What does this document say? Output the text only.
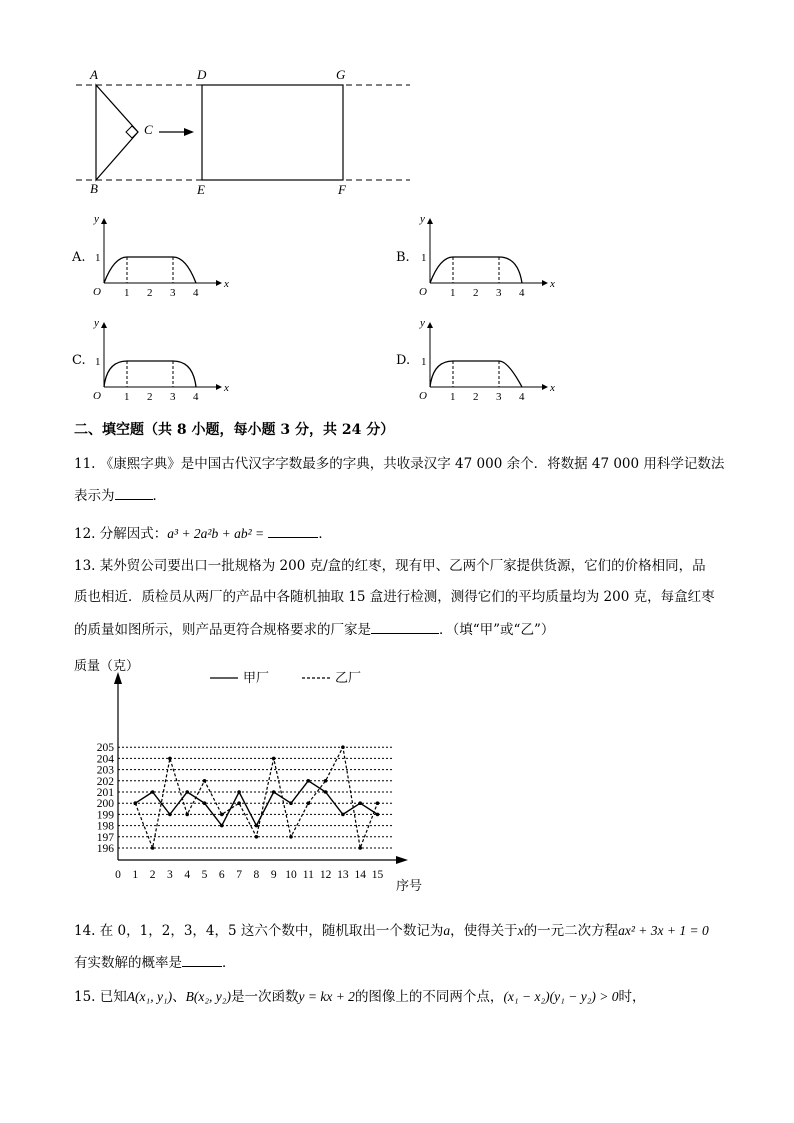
A
B
C
D
E	F
G
A.
x
y
O
1
1 2 3 4
B.
x
y
O
1
1 2 3 4
C.
x
y
O
1
1 2 3 4
D.
x
y
O
1
1 2 3 4
二、填空题（共 8 小题，每小题 3 分，共 24 分）
11. 《康熙字典》是中国古代汉字字数最多的字典，共收录汉字 47 000 余个．将数据 47 000 用科学记数法
表示为	．
12. 分解因式：a³ + 2a²b + ab² =	．
13. 某外贸公司要出口一批规格为 200 克/盒的红枣，现有甲、乙两个厂家提供货源，它们的价格相同，品
质也相近．质检员从两厂的产品中各随机抽取 15 盒进行检测，测得它们的平均质量均为 200 克，每盒红枣
的质量如图所示，则产品更符合规格要求的厂家是	．（填“甲”或“乙”）
196
197
198
199
200
201
202
203
204
205
0 1 2 3 4 5 6 7 8 9 10 11 12 13 14 15
质量（克）
序号
甲厂	乙厂
14. 在 0，1，2，3，4，5 这六个数中，随机取出一个数记为a，使得关于x的一元二次方程ax² + 3x + 1 = 0
有实数解的概率是	．
15. 已知A(x₁, y₁)、B(x₂, y₂)是一次函数y = kx + 2的图像上的不同两个点，(x₁ − x₂)(y₁ − y₂) > 0时，
